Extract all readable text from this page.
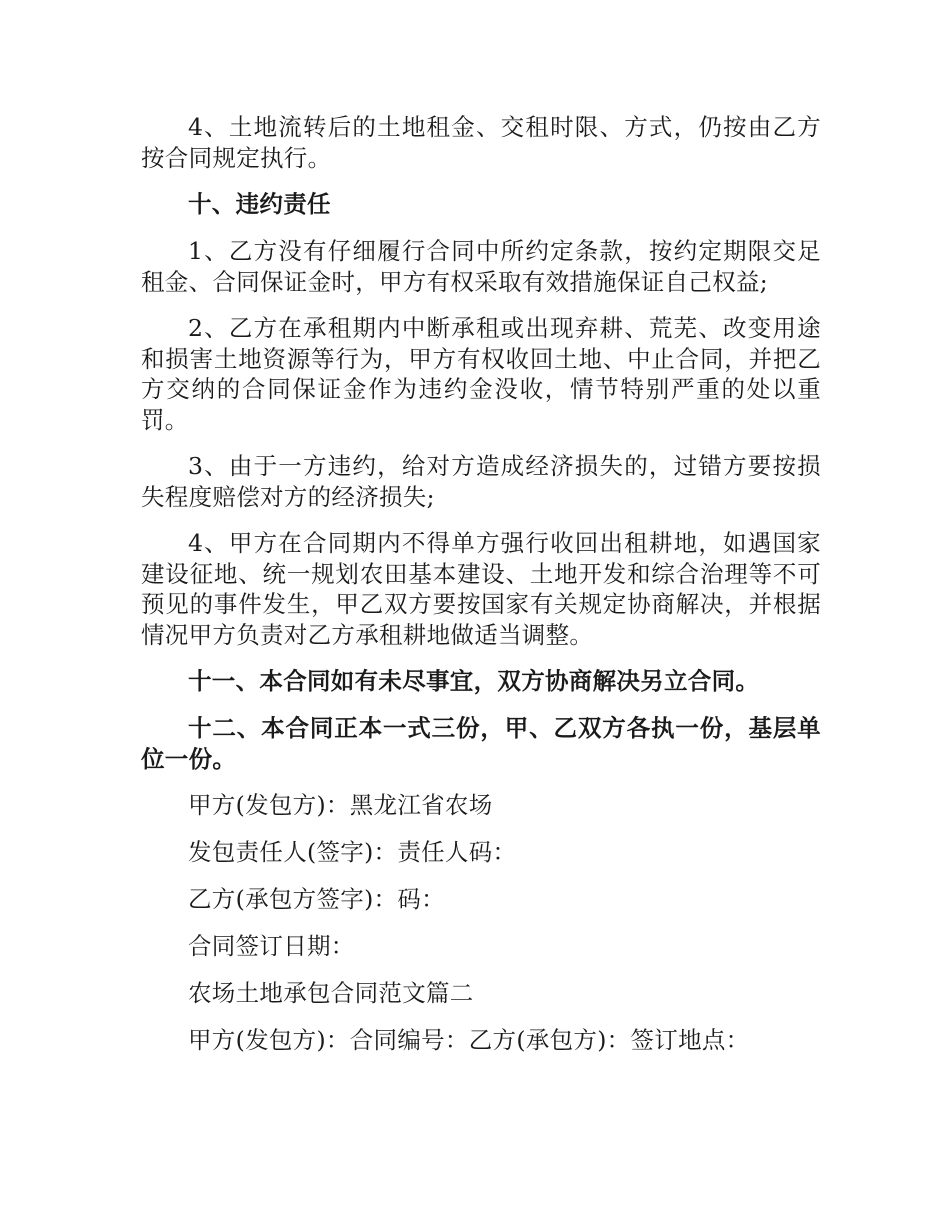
4、土地流转后的土地租金、交租时限、方式，仍按由乙方按合同规定执行。

十、违约责任

1、乙方没有仔细履行合同中所约定条款，按约定期限交足租金、合同保证金时，甲方有权采取有效措施保证自己权益;

2、乙方在承租期内中断承租或出现弃耕、荒芜、改变用途和损害土地资源等行为，甲方有权收回土地、中止合同，并把乙方交纳的合同保证金作为违约金没收，情节特别严重的处以重罚。

3、由于一方违约，给对方造成经济损失的，过错方要按损失程度赔偿对方的经济损失;

4、甲方在合同期内不得单方强行收回出租耕地，如遇国家建设征地、统一规划农田基本建设、土地开发和综合治理等不可预见的事件发生，甲乙双方要按国家有关规定协商解决，并根据情况甲方负责对乙方承租耕地做适当调整。

十一、本合同如有未尽事宜，双方协商解决另立合同。

十二、本合同正本一式三份，甲、乙双方各执一份，基层单位一份。

甲方(发包方)：黑龙江省农场

发包责任人(签字)：责任人码：

乙方(承包方签字)：码：

合同签订日期：

农场土地承包合同范文篇二

甲方(发包方)：合同编号：乙方(承包方)：签订地点：
